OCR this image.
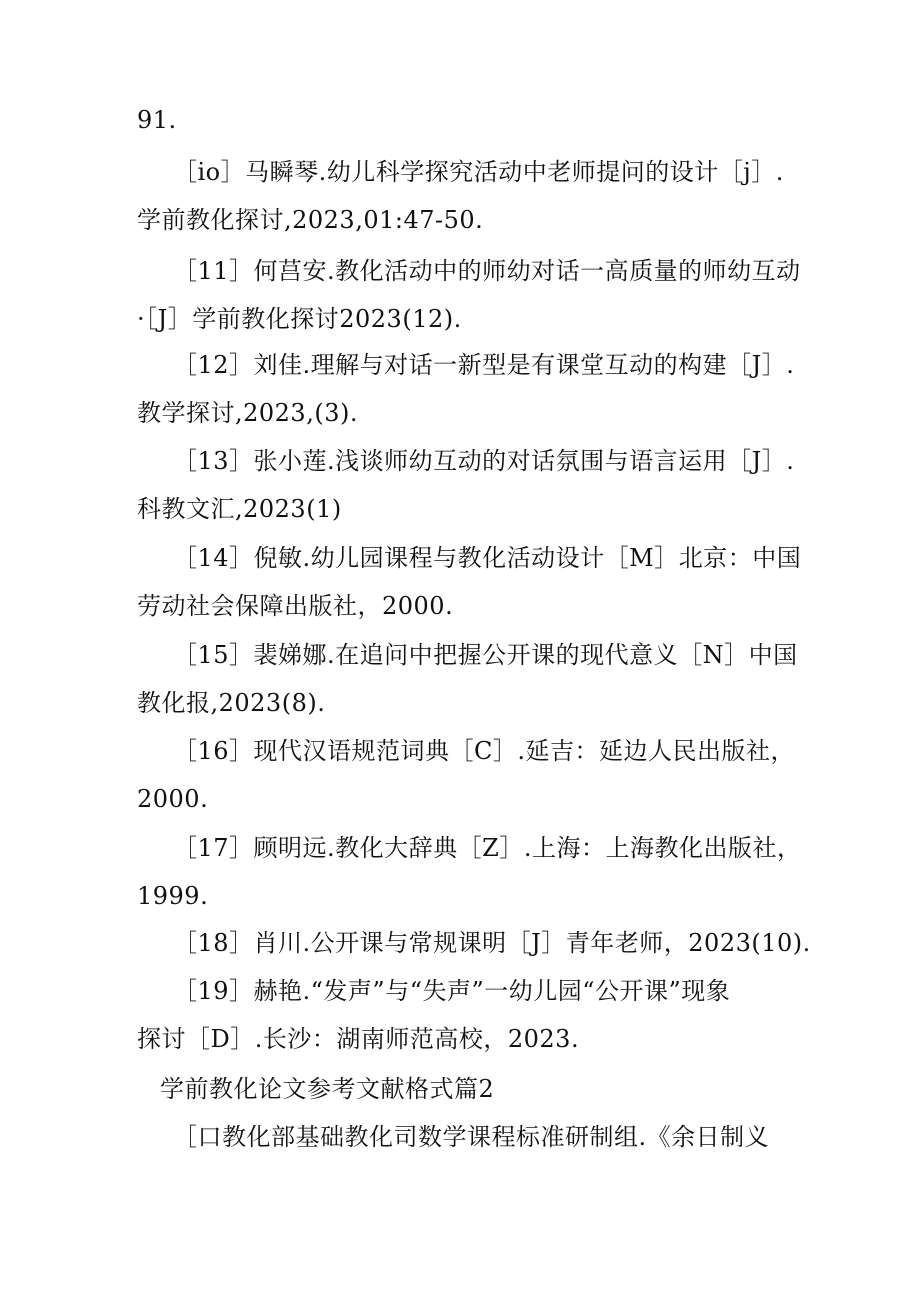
91.
［io］马瞬琴.幼儿科学探究活动中老师提问的设计［j］.
学前教化探讨,2023,01:47-50.
［11］何莒安.教化活动中的师幼对话一高质量的师幼互动
·［J］学前教化探讨2023(12).
［12］刘佳.理解与对话一新型是有课堂互动的构建［J］.
教学探讨,2023,(3).
［13］张小莲.浅谈师幼互动的对话氛围与语言运用［J］.
科教文汇,2023(1)
［14］倪敏.幼儿园课程与教化活动设计［M］北京：中国
劳动社会保障出版社，2000.
［15］裴娣娜.在追问中把握公开课的现代意义［N］中国
教化报,2023(8).
［16］现代汉语规范词典［C］.延吉：延边人民出版社，
2000.
［17］顾明远.教化大辞典［Z］.上海：上海教化出版社，
1999.
［18］肖川.公开课与常规课明［J］青年老师，2023(10).
［19］赫艳.“发声”与“失声”一幼儿园“公开课”现象
探讨［D］.长沙：湖南师范高校，2023.
学前教化论文参考文献格式篇2
［口教化部基础教化司数学课程标准研制组.《余日制义
